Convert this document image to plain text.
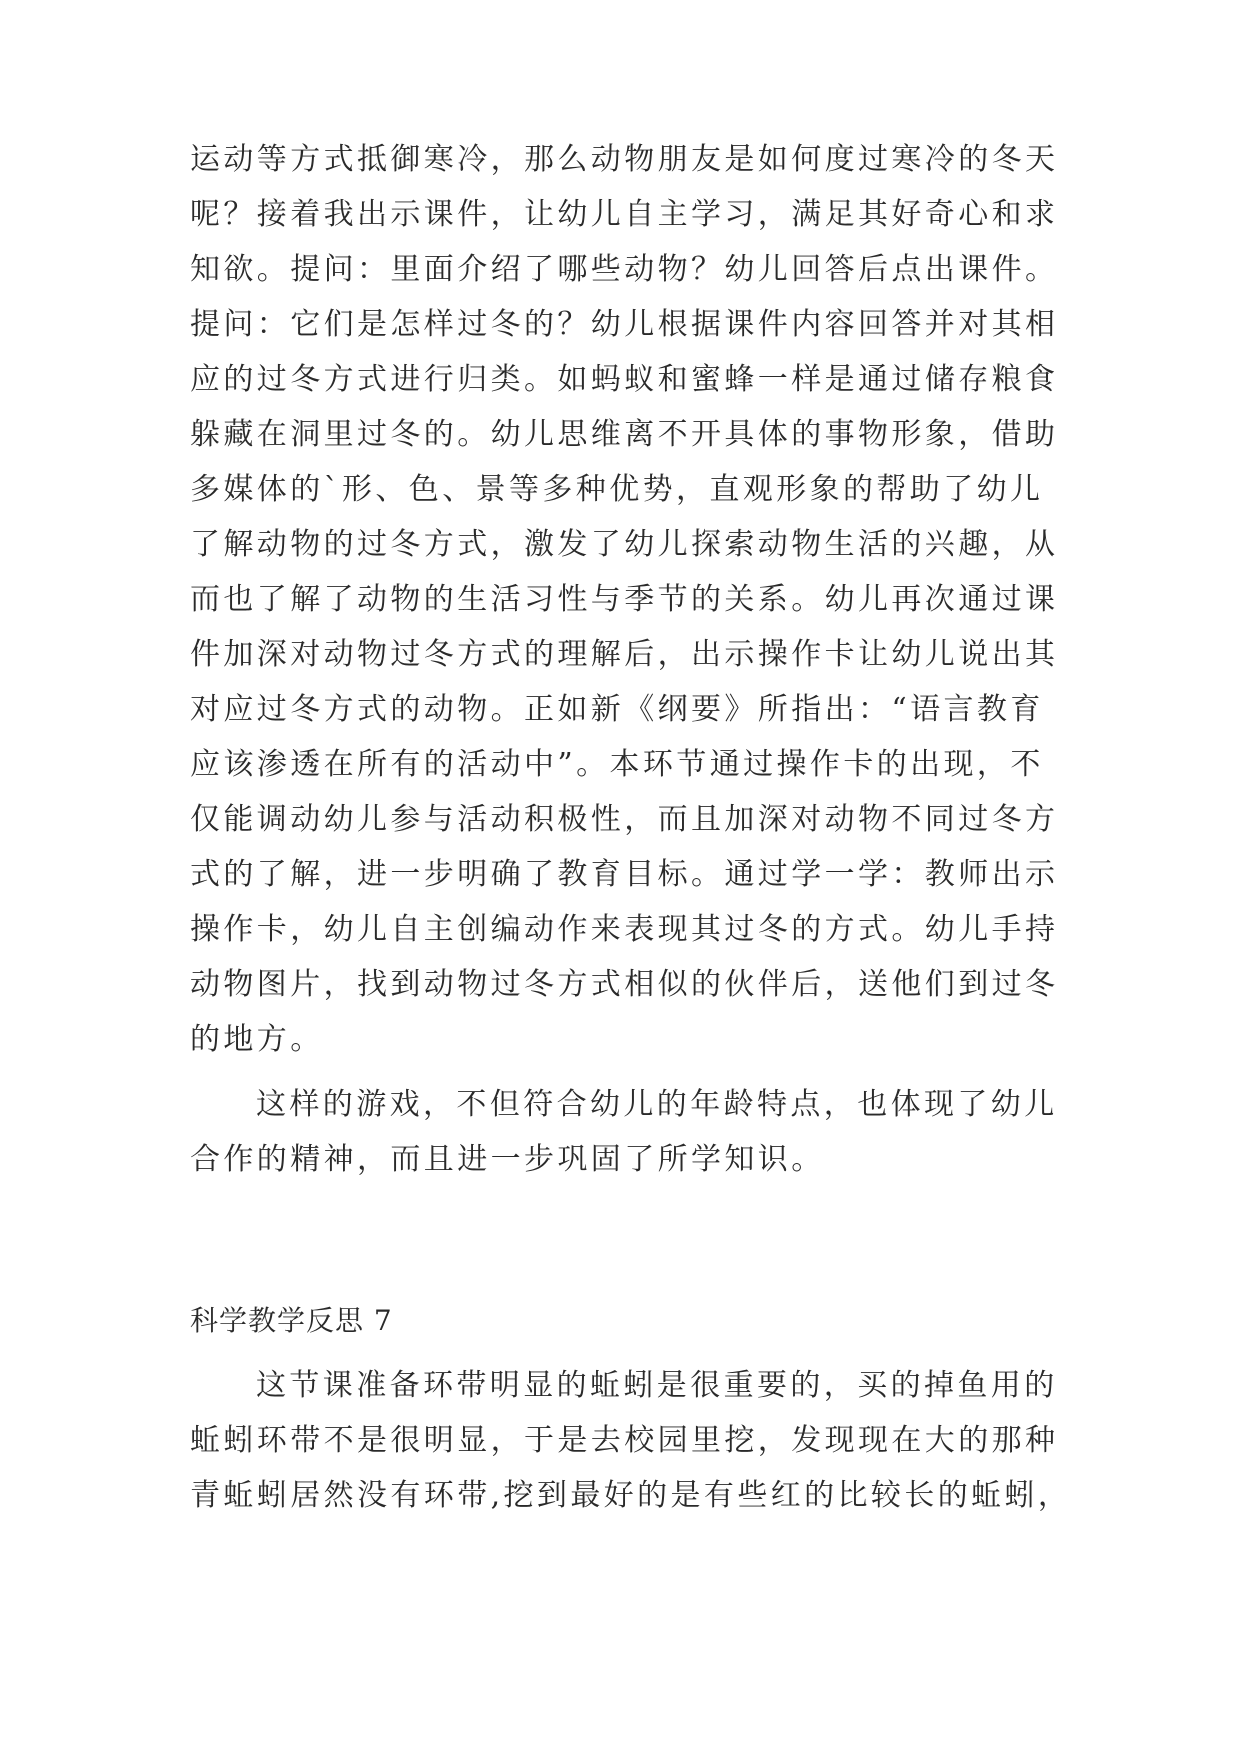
运动等方式抵御寒冷，那么动物朋友是如何度过寒冷的冬天
呢？接着我出示课件，让幼儿自主学习，满足其好奇心和求
知欲。提问：里面介绍了哪些动物？幼儿回答后点出课件。
提问：它们是怎样过冬的？幼儿根据课件内容回答并对其相
应的过冬方式进行归类。如蚂蚁和蜜蜂一样是通过储存粮食
躲藏在洞里过冬的。幼儿思维离不开具体的事物形象，借助
多媒体的`形、色、景等多种优势，直观形象的帮助了幼儿
了解动物的过冬方式，激发了幼儿探索动物生活的兴趣，从
而也了解了动物的生活习性与季节的关系。幼儿再次通过课
件加深对动物过冬方式的理解后，出示操作卡让幼儿说出其
对应过冬方式的动物。正如新《纲要》所指出：“语言教育
应该渗透在所有的活动中”。本环节通过操作卡的出现，不
仅能调动幼儿参与活动积极性，而且加深对动物不同过冬方
式的了解，进一步明确了教育目标。通过学一学：教师出示
操作卡，幼儿自主创编动作来表现其过冬的方式。幼儿手持
动物图片，找到动物过冬方式相似的伙伴后，送他们到过冬
的地方。
这样的游戏，不但符合幼儿的年龄特点，也体现了幼儿
合作的精神，而且进一步巩固了所学知识。
科学教学反思 7
这节课准备环带明显的蚯蚓是很重要的，买的掉鱼用的
蚯蚓环带不是很明显，于是去校园里挖，发现现在大的那种
青蚯蚓居然没有环带,挖到最好的是有些红的比较长的蚯蚓，
